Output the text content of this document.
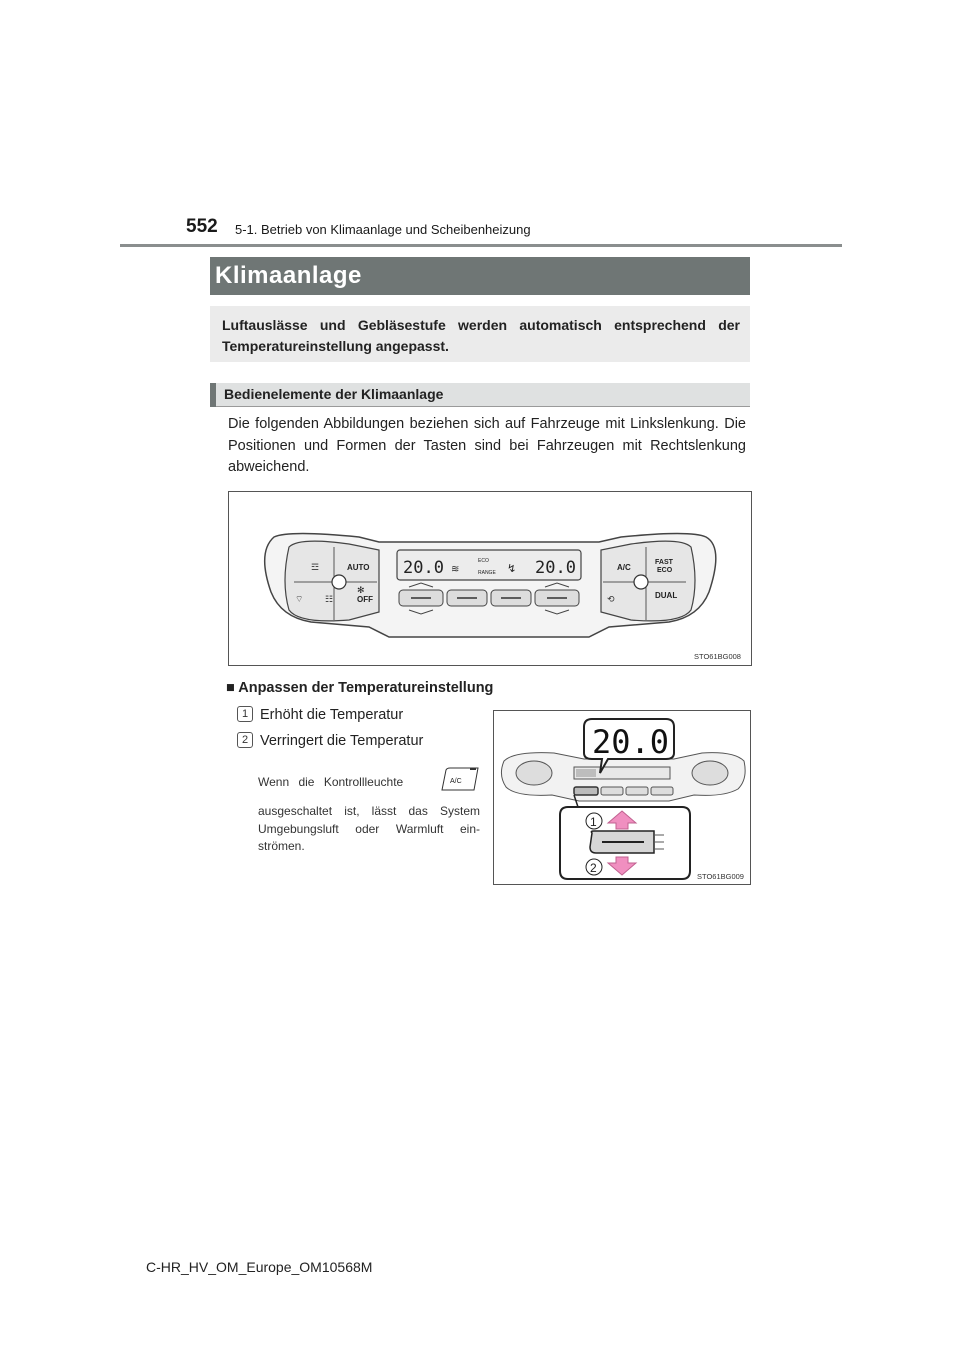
552 5-1. Betrieb von Klimaanlage und Scheibenheizung
Klimaanlage
Luftauslässe und Gebläsestufe werden automatisch entsprechend der Temperatureinstellung angepasst.
Bedienelemente der Klimaanlage
Die folgenden Abbildungen beziehen sich auf Fahrzeuge mit Linkslenkung. Die Positionen und Formen der Tasten sind bei Fahrzeugen mit Rechtslenkung abweichend.
AUTO
OFF
✻
☲
☷
⌔
A/C
FAST
ECO
DUAL
⟲
20.0	20.0
ECO
RANGE
≋	↯
STO61BG008
■ Anpassen der Temperatureinstellung
1 Erhöht die Temperatur
2 Verringert die Temperatur
Wenn die Kontrollleuchte	A/C
ausgeschaltet ist, lässt das System Umgebungsluft oder Warmluft einströmen.
20.0
1
2
STO61BG009
C-HR_HV_OM_Europe_OM10568M
